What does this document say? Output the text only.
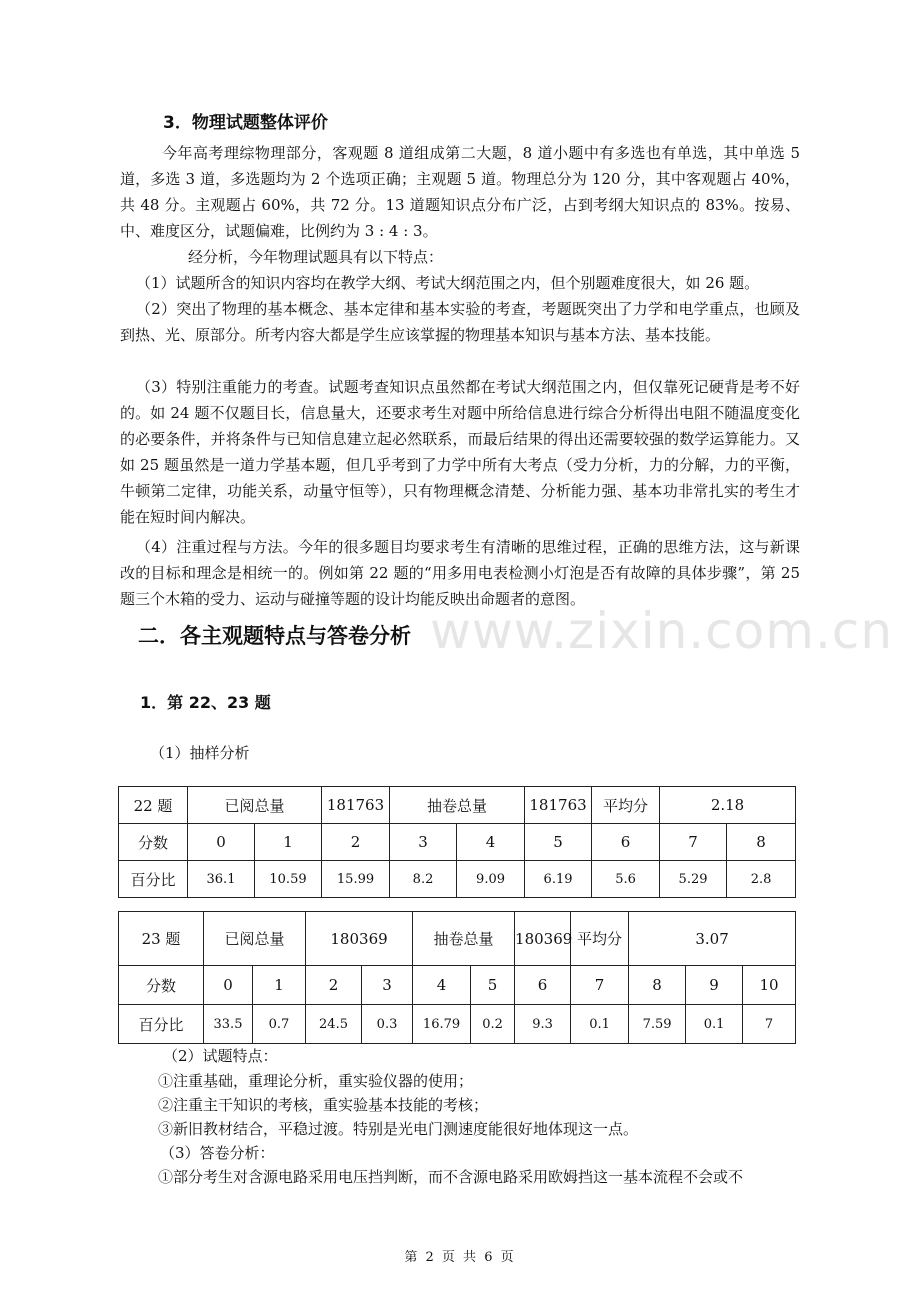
www.zixin.com.cn
3．物理试题整体评价
今年高考理综物理部分，客观题 8 道组成第二大题，8 道小题中有多选也有单选，其中单选 5 道，多选 3 道，多选题均为 2 个选项正确；主观题 5 道。物理总分为 120 分，其中客观题占 40%，共 48 分。主观题占 60%，共 72 分。13 道题知识点分布广泛，占到考纲大知识点的 83%。按易、中、难度区分，试题偏难，比例约为 3 : 4 : 3。
经分析，今年物理试题具有以下特点：
（1）试题所含的知识内容均在教学大纲、考试大纲范围之内，但个别题难度很大，如 26 题。
（2）突出了物理的基本概念、基本定律和基本实验的考查，考题既突出了力学和电学重点，也顾及到热、光、原部分。所考内容大都是学生应该掌握的物理基本知识与基本方法、基本技能。
（3）特别注重能力的考查。试题考查知识点虽然都在考试大纲范围之内，但仅靠死记硬背是考不好的。如 24 题不仅题目长，信息量大，还要求考生对题中所给信息进行综合分析得出电阻不随温度变化的必要条件，并将条件与已知信息建立起必然联系，而最后结果的得出还需要较强的数学运算能力。又如 25 题虽然是一道力学基本题，但几乎考到了力学中所有大考点（受力分析，力的分解，力的平衡，牛顿第二定律，功能关系，动量守恒等），只有物理概念清楚、分析能力强、基本功非常扎实的考生才能在短时间内解决。
（4）注重过程与方法。今年的很多题目均要求考生有清晰的思维过程，正确的思维方法，这与新课改的目标和理念是相统一的。例如第 22 题的“用多用电表检测小灯泡是否有故障的具体步骤”，第 25 题三个木箱的受力、运动与碰撞等题的设计均能反映出命题者的意图。
二．各主观题特点与答卷分析
1．第 22、23 题
（1）抽样分析
22 题	已阅总量		181763	抽卷总量		181763	平均分	2.18	
分数	0	1	2	3	4	5	6	7	8
百分比	36.1	10.59	15.99	8.2	9.09	6.19	5.6	5.29	2.8
23 题	已阅总量		180369		抽卷总量		180369	平均分	3.07		
分数	0	1	2	3	4	5	6	7	8	9	10
百分比	33.5	0.7	24.5	0.3	16.79	0.2	9.3	0.1	7.59	0.1	7
（2）试题特点：
①注重基础，重理论分析，重实验仪器的使用；
②注重主干知识的考核，重实验基本技能的考核；
③新旧教材结合，平稳过渡。特别是光电门测速度能很好地体现这一点。
（3）答卷分析：
①部分考生对含源电路采用电压挡判断，而不含源电路采用欧姆挡这一基本流程不会或不
第 2 页 共 6 页
